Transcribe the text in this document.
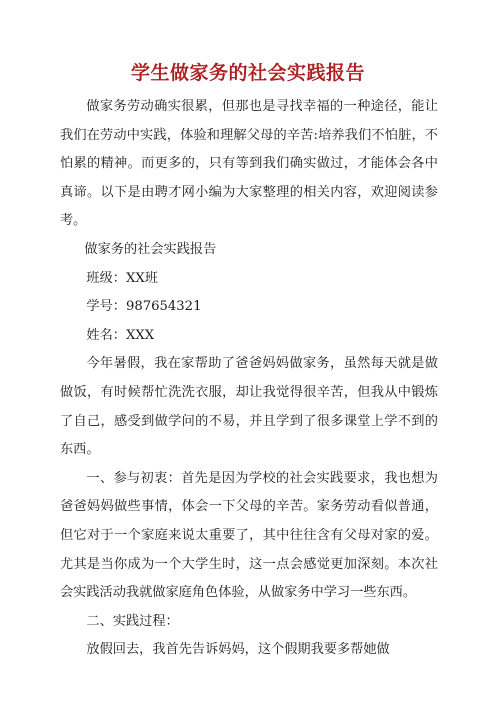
学生做家务的社会实践报告

做家务劳动确实很累，但那也是寻找幸福的一种途径，能让我们在劳动中实践，体验和理解父母的辛苦:培养我们不怕脏，不怕累的精神。而更多的，只有等到我们确实做过，才能体会各中真谛。以下是由聘才网小编为大家整理的相关内容，欢迎阅读参考。

做家务的社会实践报告

班级：XX班

学号：987654321

姓名：XXX

今年暑假，我在家帮助了爸爸妈妈做家务，虽然每天就是做做饭，有时候帮忙洗洗衣服，却让我觉得很辛苦，但我从中锻炼了自己，感受到做学问的不易，并且学到了很多课堂上学不到的东西。

一、参与初衷：首先是因为学校的社会实践要求，我也想为爸爸妈妈做些事情，体会一下父母的辛苦。家务劳动看似普通，但它对于一个家庭来说太重要了，其中往往含有父母对家的爱。 尤其是当你成为一个大学生时，这一点会感觉更加深刻。本次社会实践活动我就做家庭角色体验，从做家务中学习一些东西。

二、实践过程：

放假回去，我首先告诉妈妈，这个假期我要多帮她做
